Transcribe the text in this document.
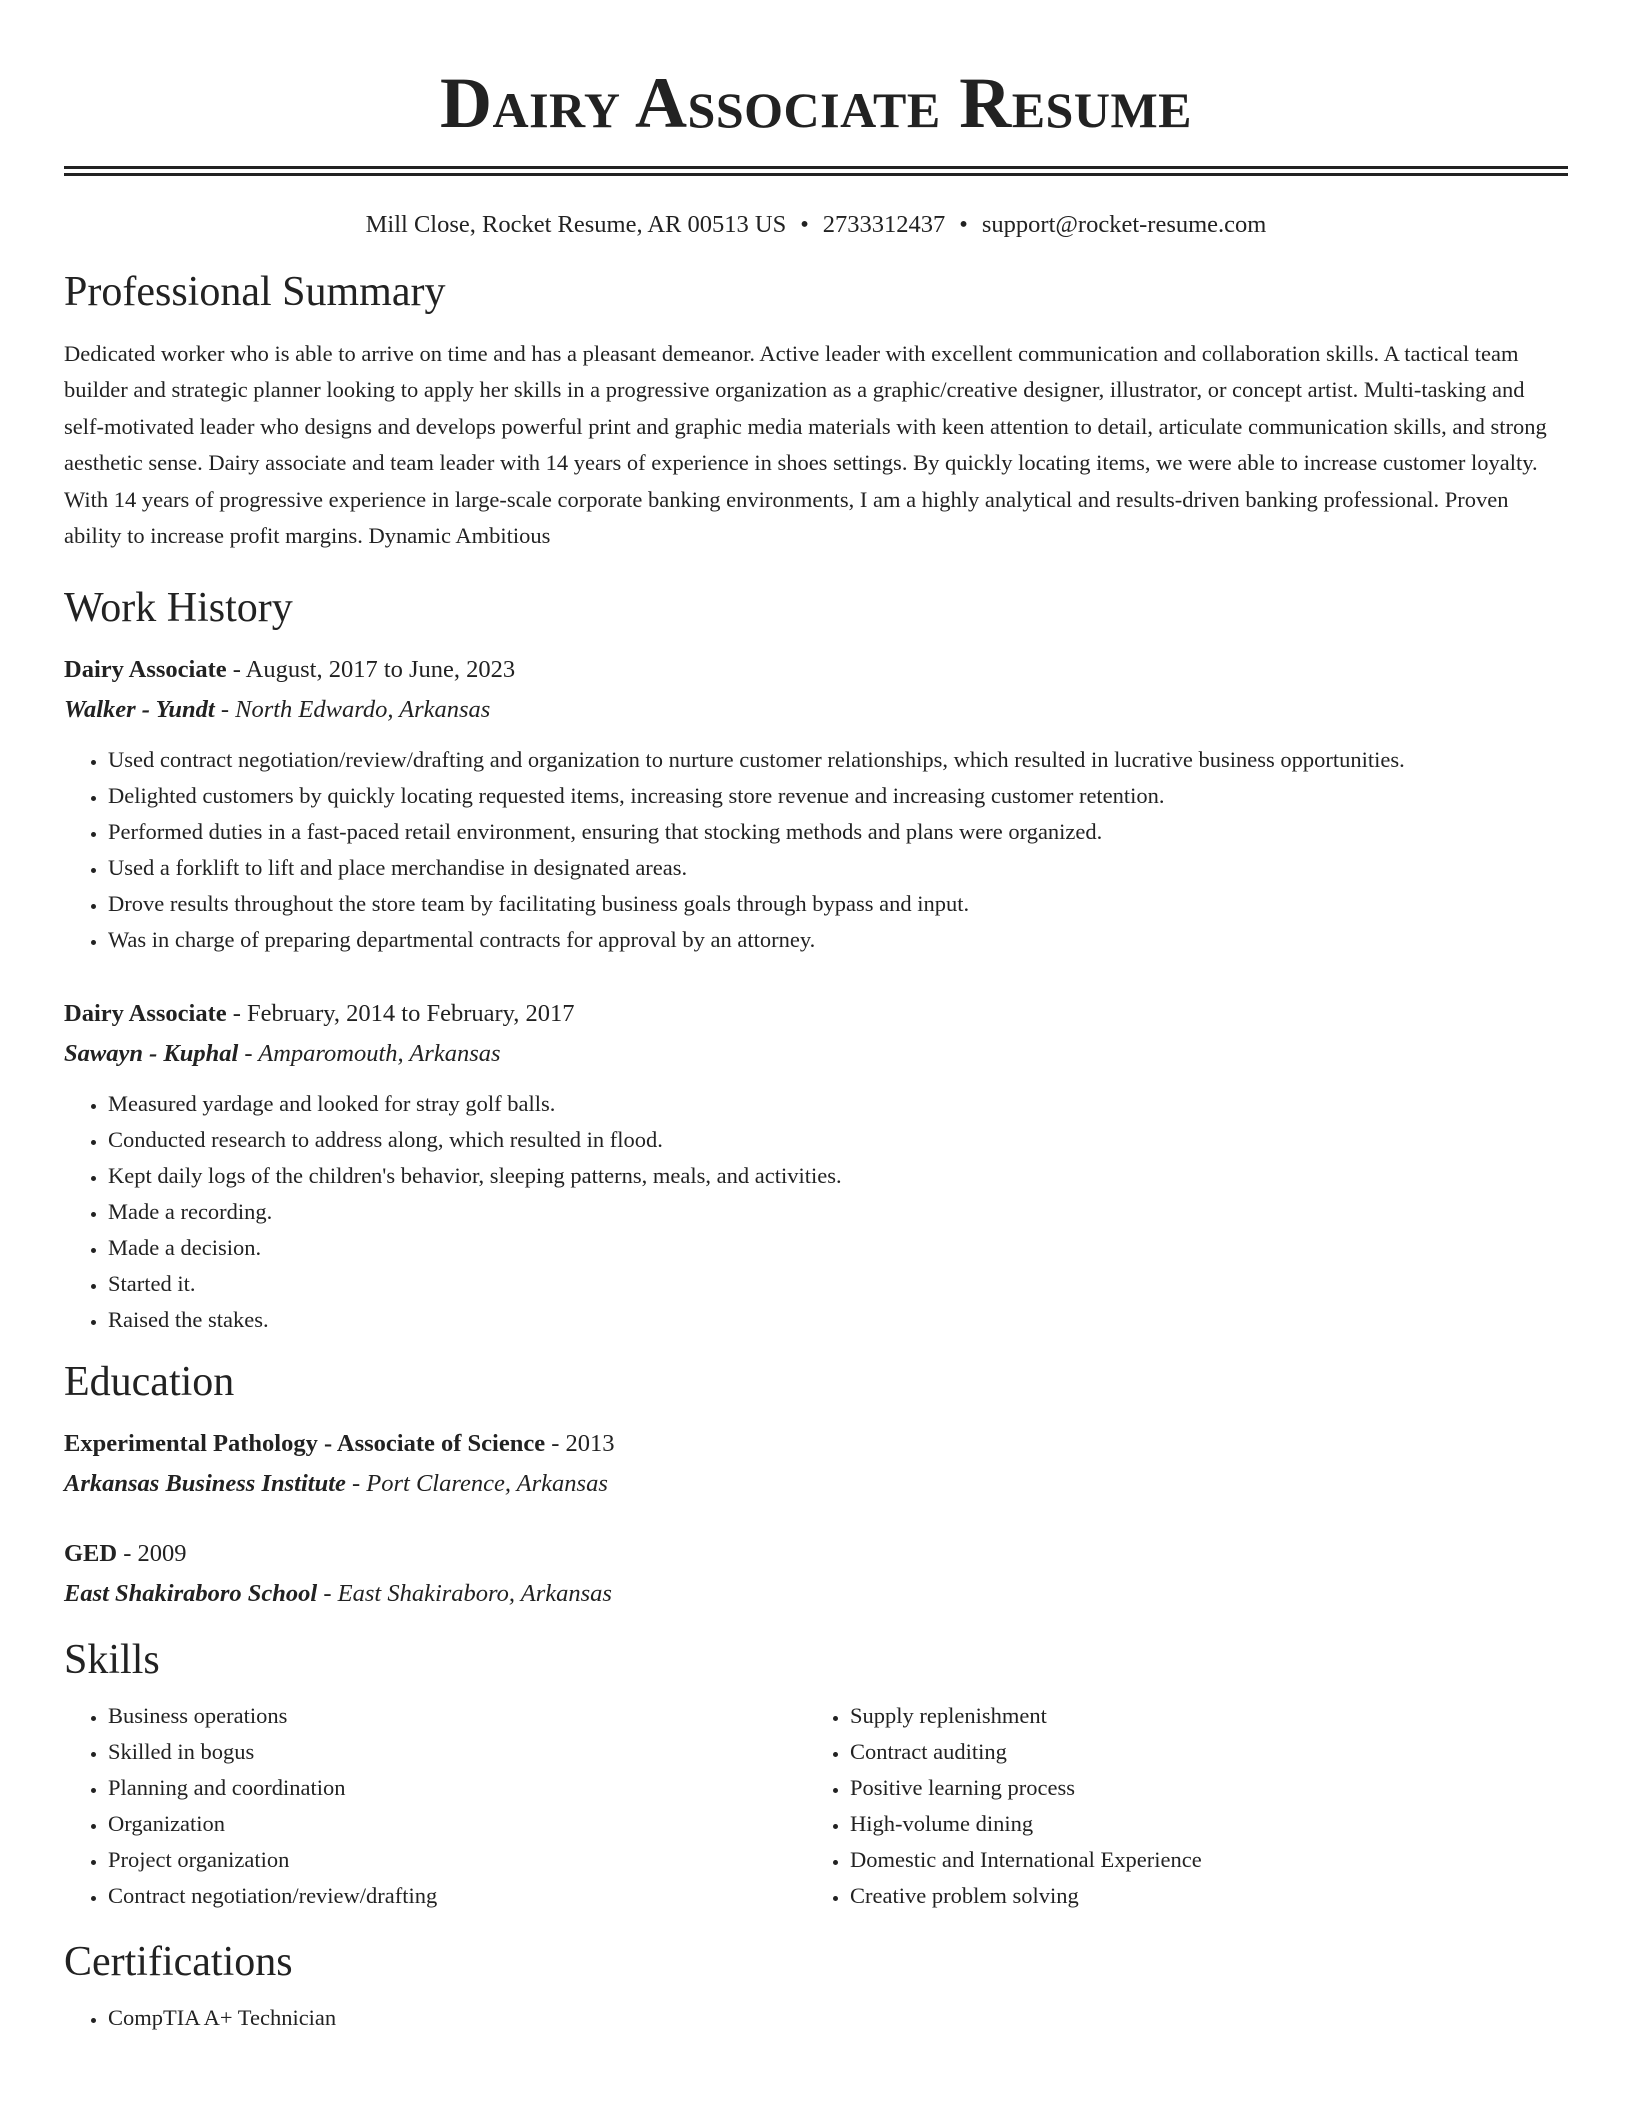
Dairy Associate Resume
Mill Close, Rocket Resume, AR 00513 US • 2733312437 • support@rocket-resume.com
Professional Summary

Dedicated worker who is able to arrive on time and has a pleasant demeanor. Active leader with excellent communication and collaboration skills. A tactical team builder and strategic planner looking to apply her skills in a progressive organization as a graphic/creative designer, illustrator, or concept artist. Multi-tasking and self-motivated leader who designs and develops powerful print and graphic media materials with keen attention to detail, articulate communication skills, and strong aesthetic sense. Dairy associate and team leader with 14 years of experience in shoes settings. By quickly locating items, we were able to increase customer loyalty. With 14 years of progressive experience in large-scale corporate banking environments, I am a highly analytical and results-driven banking professional. Proven ability to increase profit margins. Dynamic Ambitious

Work History
Dairy Associate - August, 2017 to June, 2023
Walker - Yundt - North Edwardo, Arkansas
• Used contract negotiation/review/drafting and organization to nurture customer relationships, which resulted in lucrative business opportunities.
• Delighted customers by quickly locating requested items, increasing store revenue and increasing customer retention.
• Performed duties in a fast-paced retail environment, ensuring that stocking methods and plans were organized.
• Used a forklift to lift and place merchandise in designated areas.
• Drove results throughout the store team by facilitating business goals through bypass and input.
• Was in charge of preparing departmental contracts for approval by an attorney.
Dairy Associate - February, 2014 to February, 2017
Sawayn - Kuphal - Amparomouth, Arkansas
• Measured yardage and looked for stray golf balls.
• Conducted research to address along, which resulted in flood.
• Kept daily logs of the children's behavior, sleeping patterns, meals, and activities.
• Made a recording.
• Made a decision.
• Started it.
• Raised the stakes.
Education
Experimental Pathology - Associate of Science - 2013
Arkansas Business Institute - Port Clarence, Arkansas
GED - 2009
East Shakiraboro School - East Shakiraboro, Arkansas
Skills
• Business operations
• Skilled in bogus
• Planning and coordination
• Organization
• Project organization
• Contract negotiation/review/drafting
• Supply replenishment
• Contract auditing
• Positive learning process
• High-volume dining
• Domestic and International Experience
• Creative problem solving
Certifications
• CompTIA A+ Technician
